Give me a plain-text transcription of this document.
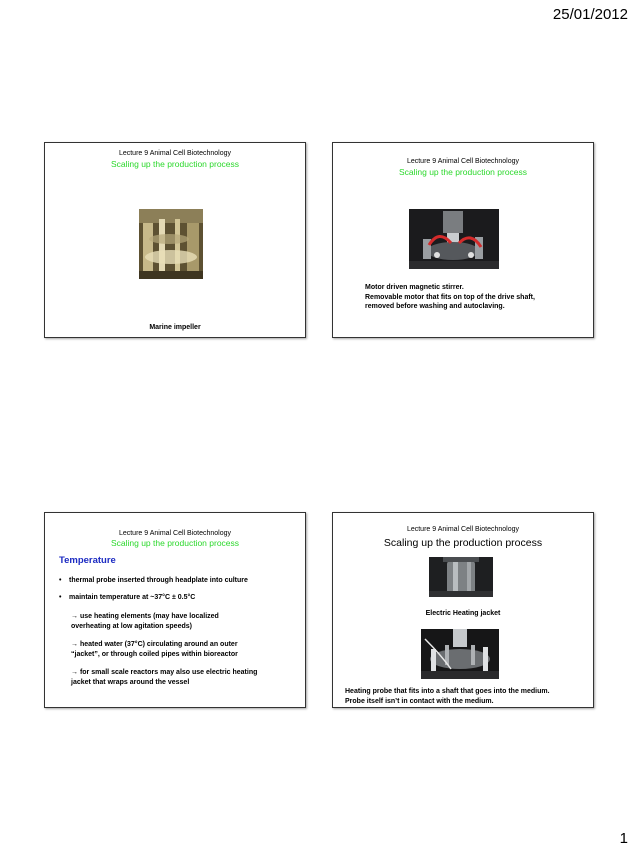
25/01/2012
Lecture 9 Animal Cell Biotechnology
Scaling up the production process
Marine impeller
Lecture 9 Animal Cell Biotechnology
Scaling up the production process
Motor driven magnetic stirrer.
Removable motor that fits on top of the drive shaft,
removed before washing and autoclaving.
Lecture 9 Animal Cell Biotechnology
Scaling up the production process
Temperature
• thermal probe inserted through headplate into culture
• maintain temperature at ~37°C ± 0.5°C
→ use heating elements (may have localized
overheating at low agitation speeds)
→ heated water (37°C) circulating around an outer
“jacket”, or through coiled pipes within bioreactor
→ for small scale reactors may also use electric heating
jacket that wraps around the vessel
Lecture 9 Animal Cell Biotechnology
Scaling up the production process
Electric Heating jacket
Heating probe that fits into a shaft that goes into the medium.
Probe itself isn’t in contact with the medium.
1
